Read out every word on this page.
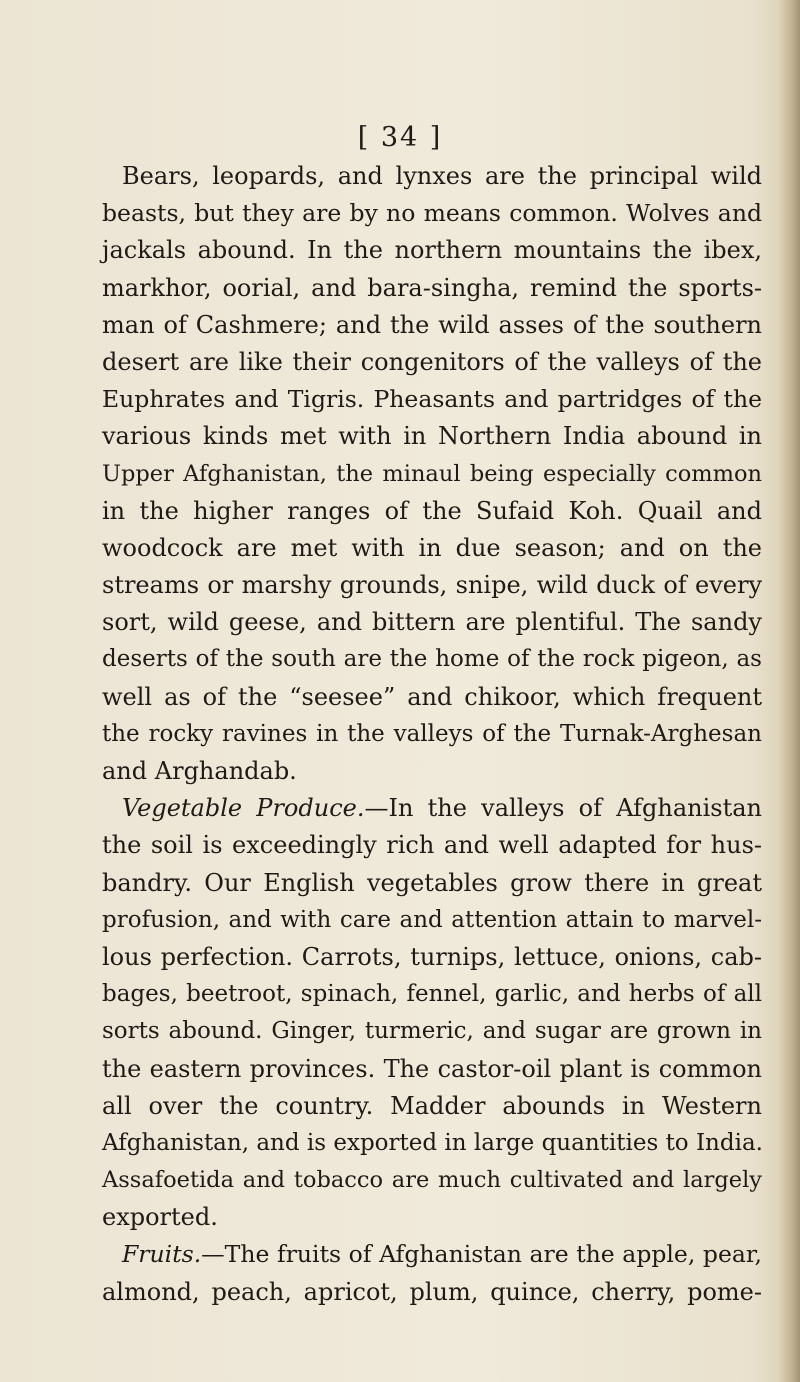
[ 34 ]
Bears, leopards, and lynxes are the principal wild
beasts, but they are by no means common. Wolves and
jackals abound. In the northern mountains the ibex,
markhor, oorial, and bara-singha, remind the sports-
man of Cashmere; and the wild asses of the southern
desert are like their congenitors of the valleys of the
Euphrates and Tigris. Pheasants and partridges of the
various kinds met with in Northern India abound in
Upper Afghanistan, the minaul being especially common
in the higher ranges of the Sufaid Koh. Quail and
woodcock are met with in due season; and on the
streams or marshy grounds, snipe, wild duck of every
sort, wild geese, and bittern are plentiful. The sandy
deserts of the south are the home of the rock pigeon, as
well as of the “seesee” and chikoor, which frequent
the rocky ravines in the valleys of the Turnak-Arghesan
and Arghandab.
Vegetable Produce.—In the valleys of Afghanistan
the soil is exceedingly rich and well adapted for hus-
bandry. Our English vegetables grow there in great
profusion, and with care and attention attain to marvel-
lous perfection. Carrots, turnips, lettuce, onions, cab-
bages, beetroot, spinach, fennel, garlic, and herbs of all
sorts abound. Ginger, turmeric, and sugar are grown in
the eastern provinces. The castor-oil plant is common
all over the country. Madder abounds in Western
Afghanistan, and is exported in large quantities to India.
Assafoetida and tobacco are much cultivated and largely
exported.
Fruits.—The fruits of Afghanistan are the apple, pear,
almond, peach, apricot, plum, quince, cherry, pome-
